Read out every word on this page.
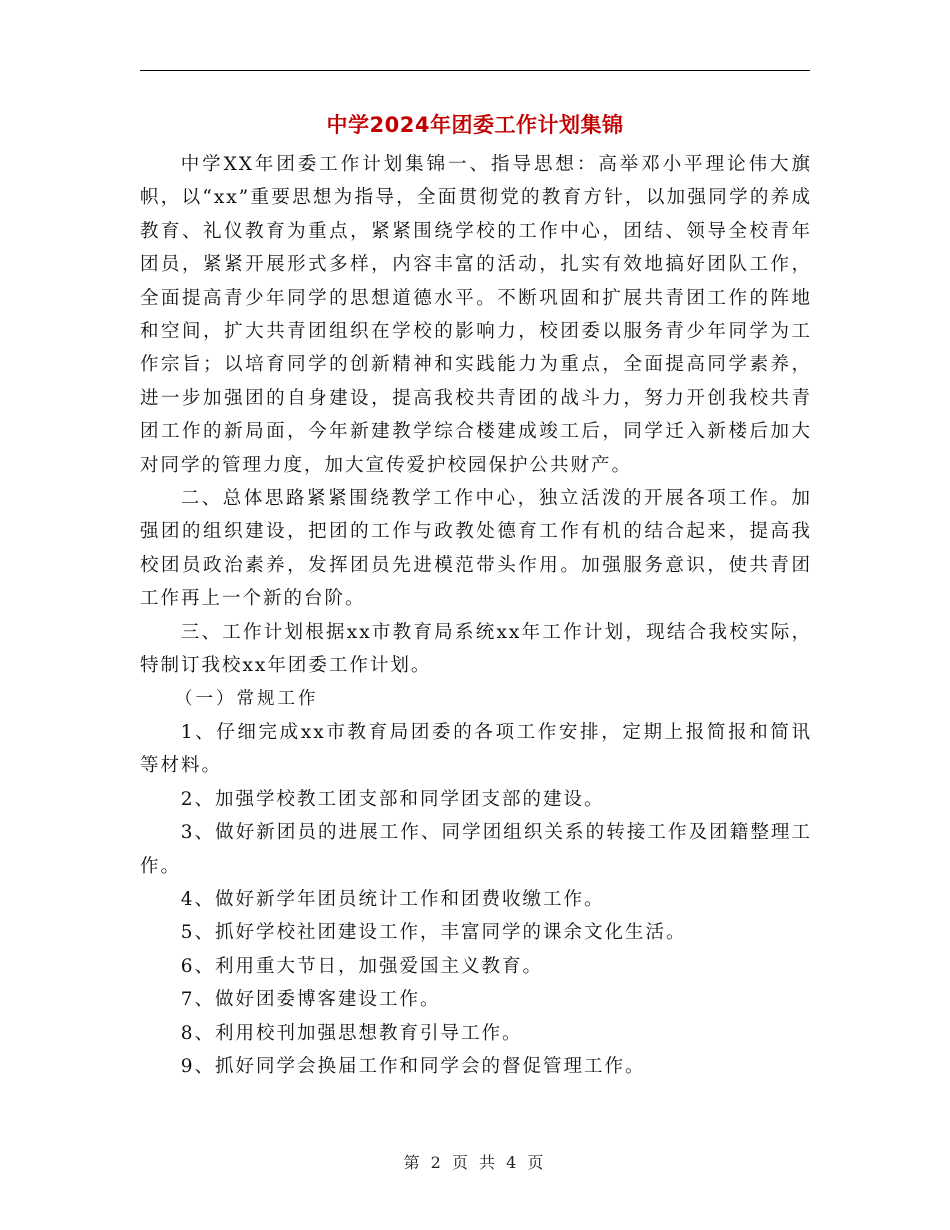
中学2024年团委工作计划集锦

中学XX年团委工作计划集锦一、指导思想：高举邓小平理论伟大旗帜，以“xx”重要思想为指导，全面贯彻党的教育方针，以加强同学的养成教育、礼仪教育为重点，紧紧围绕学校的工作中心，团结、领导全校青年团员，紧紧开展形式多样，内容丰富的活动，扎实有效地搞好团队工作，全面提高青少年同学的思想道德水平。不断巩固和扩展共青团工作的阵地和空间，扩大共青团组织在学校的影响力，校团委以服务青少年同学为工作宗旨；以培育同学的创新精神和实践能力为重点，全面提高同学素养，进一步加强团的自身建设，提高我校共青团的战斗力，努力开创我校共青团工作的新局面，今年新建教学综合楼建成竣工后，同学迁入新楼后加大对同学的管理力度，加大宣传爱护校园保护公共财产。

二、总体思路紧紧围绕教学工作中心，独立活泼的开展各项工作。加强团的组织建设，把团的工作与政教处德育工作有机的结合起来，提高我校团员政治素养，发挥团员先进模范带头作用。加强服务意识，使共青团工作再上一个新的台阶。

三、工作计划根据xx市教育局系统xx年工作计划，现结合我校实际，特制订我校xx年团委工作计划。

（一）常规工作

1、仔细完成xx市教育局团委的各项工作安排，定期上报简报和简讯等材料。

2、加强学校教工团支部和同学团支部的建设。

3、做好新团员的进展工作、同学团组织关系的转接工作及团籍整理工作。

4、做好新学年团员统计工作和团费收缴工作。

5、抓好学校社团建设工作，丰富同学的课余文化生活。

6、利用重大节日，加强爱国主义教育。

7、做好团委博客建设工作。

8、利用校刊加强思想教育引导工作。

9、抓好同学会换届工作和同学会的督促管理工作。

第 2 页 共 4 页
